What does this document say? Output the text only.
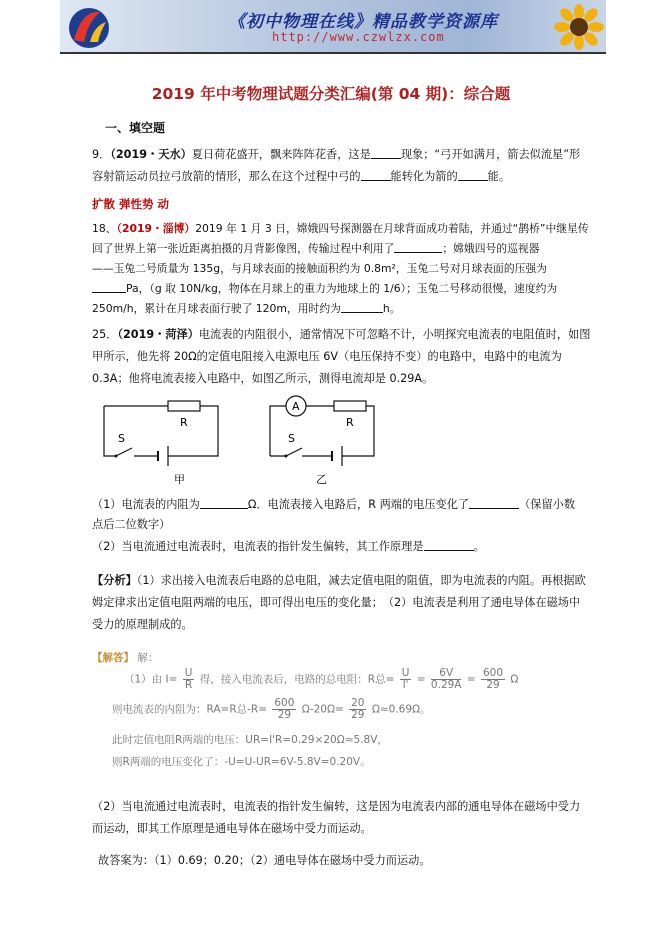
《初中物理在线》精品教学资源库
http://www.czwlzx.com
2019 年中考物理试题分类汇编(第 04 期)：综合题
一、填空题
9．（2019・天水）夏日荷花盛开，飘来阵阵花香，这是	现象；“弓开如满月，箭去似流星”形
容射箭运动员拉弓放箭的情形，那么在这个过程中弓的	能转化为箭的	能。
扩散 弹性势 动
18、（2019・淄博）2019 年 1 月 3 日，嫦娥四号探测器在月球背面成功着陆，并通过“鹊桥”中继星传
回了世界上第一张近距离拍摄的月背影像图，传输过程中利用了	；嫦娥四号的巡视器
——玉兔二号质量为 135g，与月球表面的接触面积约为 0.8m²，玉兔二号对月球表面的压强为
Pa，（g 取 10N/kg，物体在月球上的重力为地球上的 1/6）；玉兔二号移动很慢，速度约为
250m/h，累计在月球表面行驶了 120m，用时约为	h。
25．（2019・菏泽）电流表的内阻很小，通常情况下可忽略不计，小明探究电流表的电阻值时，如图
甲所示，他先将 20Ω的定值电阻接入电源电压 6V（电压保持不变）的电路中，电路中的电流为
0.3A；他将电流表接入电路中，如图乙所示，测得电流却是 0.29A。
R
S
甲
A
R
S
乙
（1）电流表的内阻为	Ω．电流表接入电路后，R 两端的电压变化了	（保留小数
点后二位数字）
（2）当电流通过电流表时，电流表的指针发生偏转，其工作原理是	。
【分析】（1）求出接入电流表后电路的总电阻，减去定值电阻的阻值，即为电流表的内阻。再根据欧
姆定律求出定值电阻两端的电压，即可得出电压的变化量；　（2）电流表是利用了通电导体在磁场中
受力的原理制成的。
【解答】 解：
（1）由 $I= \frac{U}{R}$ 得，接入电流表后，电路的总电阻：R总= $\frac{U}{I'} = \frac{6V}{0.29A} = \frac{600}{29}$ Ω
则电流表的内阻为：RA=R总$-R= \frac{600}{29} \Omega-20\Omega= \frac{20}{29} \Omega\approx 0.69\Omega$。
此时定值电阻R两端的电压：UR=I'R=0.29×20Ω≈5.8V，
则R两端的电压变化了：-U=U-UR=6V-5.8V=0.20V。
（2）当电流通过电流表时，电流表的指针发生偏转，这是因为电流表内部的通电导体在磁场中受力
而运动，即其工作原理是通电导体在磁场中受力而运动。
故答案为：（1）0.69；0.20；（2）通电导体在磁场中受力而运动。
